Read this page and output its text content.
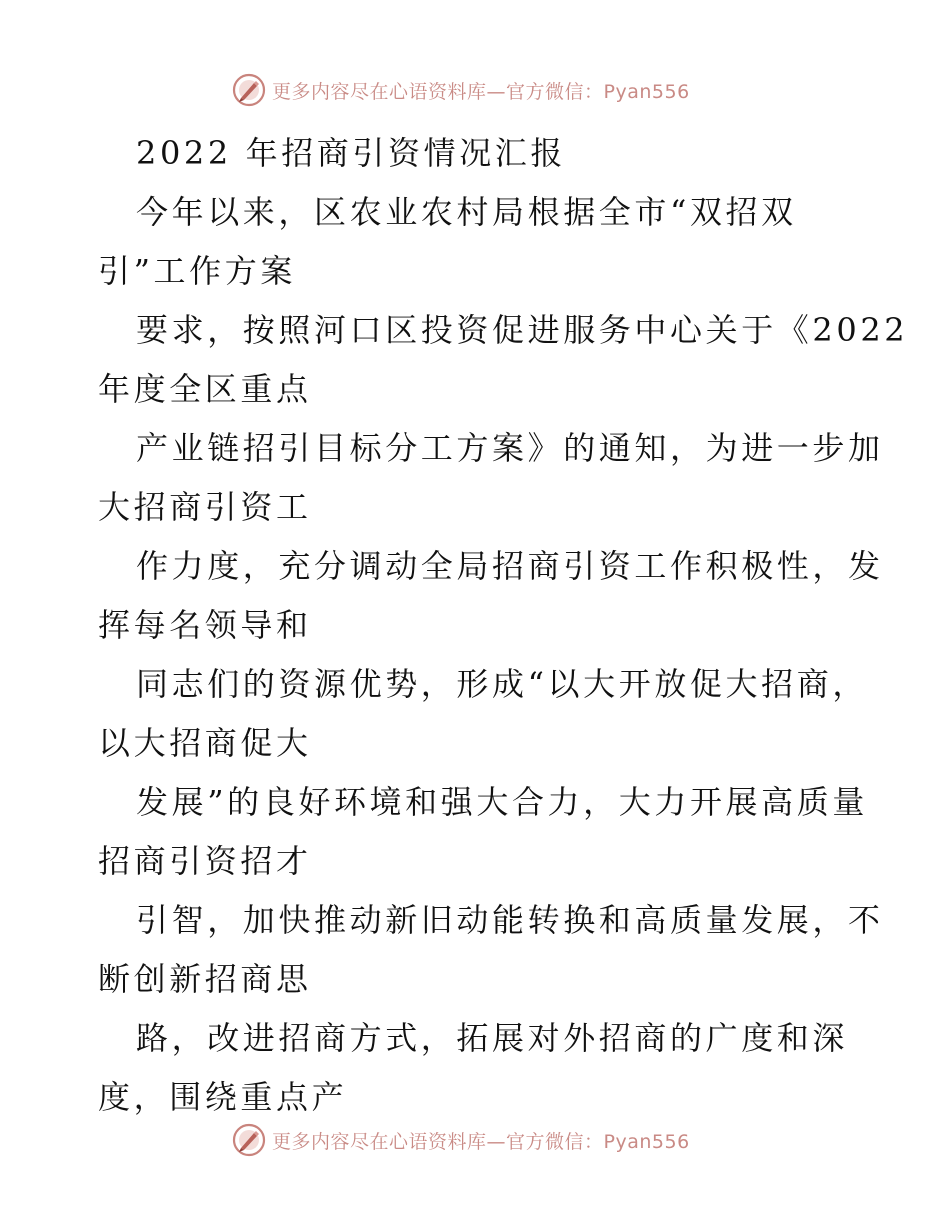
更多内容尽在心语资料库—官方微信：Pyan556
2022 年招商引资情况汇报
今年以来，区农业农村局根据全市“双招双
引”工作方案
要求，按照河口区投资促进服务中心关于《2022
年度全区重点
产业链招引目标分工方案》的通知，为进一步加
大招商引资工
作力度，充分调动全局招商引资工作积极性，发
挥每名领导和
同志们的资源优势，形成“以大开放促大招商，
以大招商促大
发展”的良好环境和强大合力，大力开展高质量
招商引资招才
引智，加快推动新旧动能转换和高质量发展，不
断创新招商思
路，改进招商方式，拓展对外招商的广度和深
度，围绕重点产
更多内容尽在心语资料库—官方微信：Pyan556
